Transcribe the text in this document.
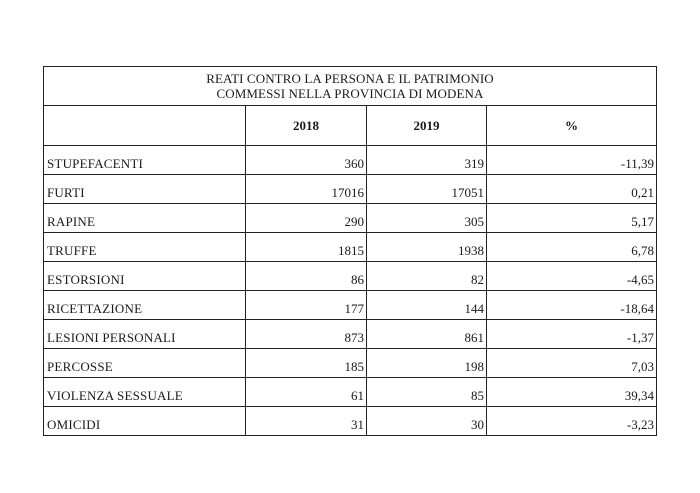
REATI CONTRO LA PERSONA E IL PATRIMONIO
COMMESSI NELLA PROVINCIA DI MODENA			

	2018	2019	%
STUPEFACENTI	360	319	-11,39
FURTI	17016	17051	0,21
RAPINE	290	305	5,17
TRUFFE	1815	1938	6,78
ESTORSIONI	86	82	-4,65
RICETTAZIONE	177	144	-18,64
LESIONI PERSONALI	873	861	-1,37
PERCOSSE	185	198	7,03
VIOLENZA SESSUALE	61	85	39,34
OMICIDI	31	30	-3,23
